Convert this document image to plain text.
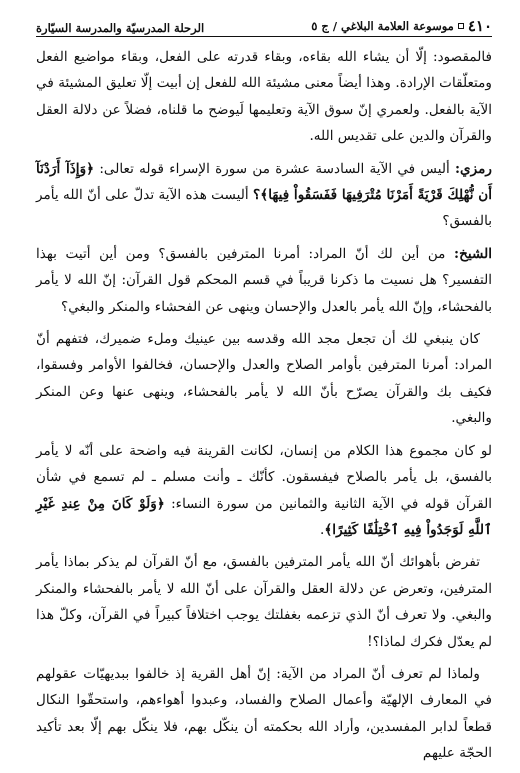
٤١٠
موسوعة العلامة البلاغي / ج ٥
الرحلة المدرسيّة والمدرسة السيّارة

فالمقصود: إلّا أن يشاء الله بقاءه، وبقاء قدرته على الفعل، وبقاء مواضيع الفعل ومتعلّقات الإرادة. وهذا أيضاً معنى مشيئة الله للفعل إن أبيت إلّا تعليق المشيئة في الآية بالفعل. ولعمري إنّ سوق الآية وتعليمها لَيوضح ما قلناه، فضلاً عن دلالة العقل والقرآن والدين على تقديس الله.

رمزي: أليس في الآية السادسة عشرة من سورة الإسراء قوله تعالى: ﴿وَإِذَآ أَرَدْنَآ أَن نُّهْلِكَ قَرْيَةً أَمَرْنَا مُتْرَفِيهَا فَفَسَقُواْ فِيهَا﴾؟ أليست هذه الآية تدلّ على أنّ الله يأمر بالفسق؟

الشيخ: من أين لك أنّ المراد: أمرنا المترفين بالفسق؟ ومن أين أتيت بهذا التفسير؟ هل نسيت ما ذكرنا قريباً في قسم المحكم قول القرآن: إنّ الله لا يأمر بالفحشاء، وإنّ الله يأمر بالعدل والإحسان وينهى عن الفحشاء والمنكر والبغي؟

كان ينبغي لك أن تجعل مجد الله وقدسه بين عينيك وملء ضميرك، فتفهم أنّ المراد: أمرنا المترفين بأوامر الصلاح والعدل والإحسان، فخالفوا الأوامر وفسقوا، فكيف بك والقرآن يصرّح بأنّ الله لا يأمر بالفحشاء، وينهى عنها وعن المنكر والبغي.

لو كان مجموع هذا الكلام من إنسان، لكانت القرينة فيه واضحة على أنّه لا يأمر بالفسق، بل يأمر بالصلاح فيفسقون. كأنّك ـ وأنت مسلم ـ لم تسمع في شأن القرآن قوله في الآية الثانية والثمانين من سورة النساء: ﴿وَلَوْ كَانَ مِنْ عِندِ غَيْرِ ٱللَّهِ لَوَجَدُواْ فِيهِ ٱخْتِلَٰفًا كَثِيرًا﴾.

تفرض بأهوائك أنّ الله يأمر المترفين بالفسق، مع أنّ القرآن لم يذكر بماذا يأمر المترفين، وتعرض عن دلالة العقل والقرآن على أنّ الله لا يأمر بالفحشاء والمنكر والبغي. ولا تعرف أنّ الذي تزعمه بغفلتك يوجب اختلافاً كبيراً في القرآن، وكلّ هذا لم يعدّل فكرك لماذا؟!

ولماذا لم تعرف أنّ المراد من الآية: إنّ أهل القرية إذ خالفوا ببديهيّات عقولهم في المعارف الإلهيّة وأعمال الصلاح والفساد، وعبدوا أهواءهم، واستحقّوا النكال قطعاً لدابر المفسدين، وأراد الله بحكمته أن ينكّل بهم، فلا ينكّل بهم إلّا بعد تأكيد الحجّة عليهم
